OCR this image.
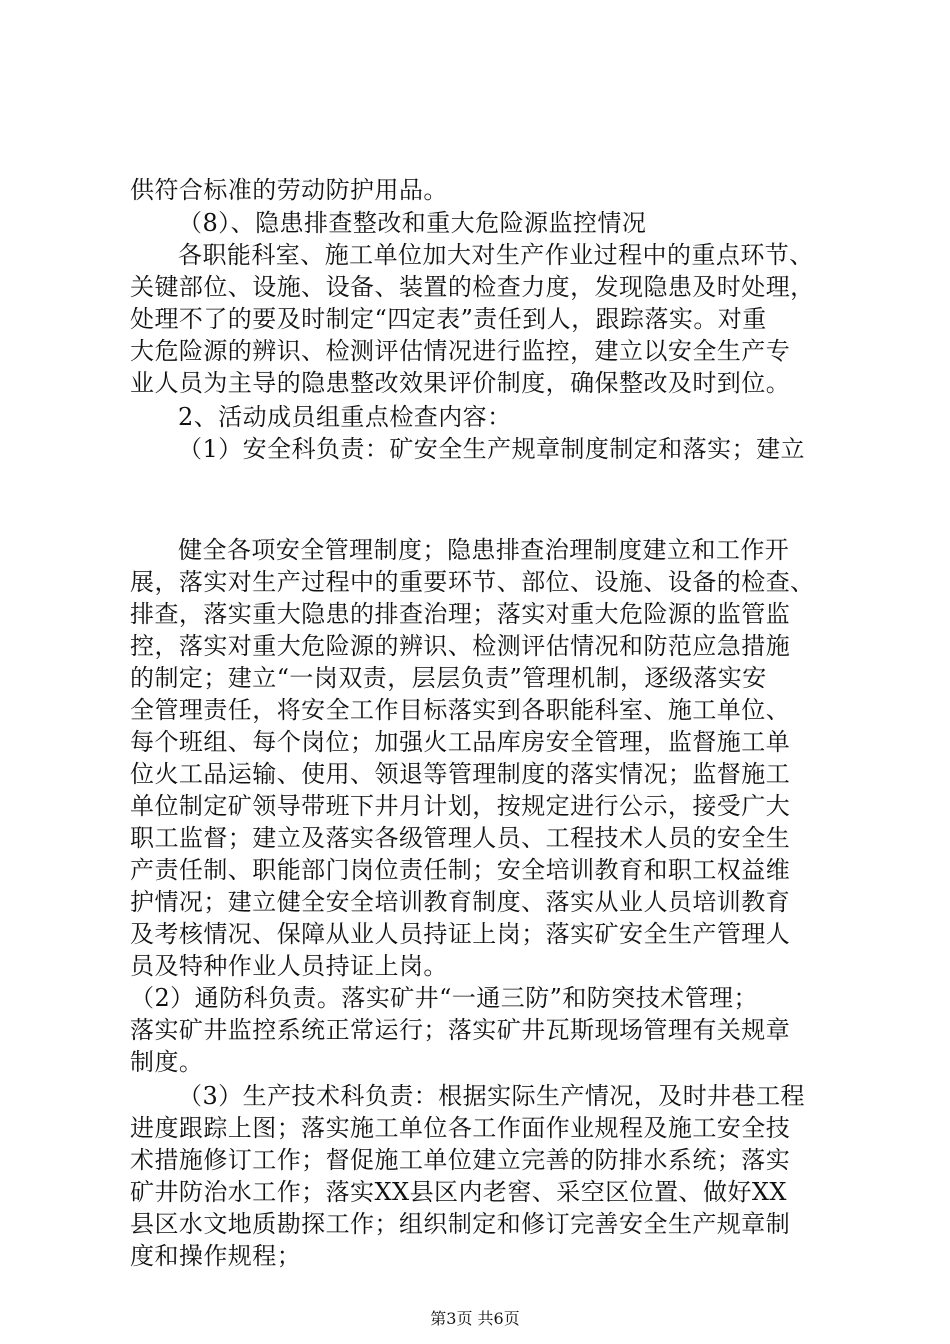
供符合标准的劳动防护用品。
（8）、隐患排查整改和重大危险源监控情况
各职能科室、施工单位加大对生产作业过程中的重点环节、
关键部位、设施、设备、装置的检查力度，发现隐患及时处理，
处理不了的要及时制定“四定表”责任到人，跟踪落实。对重
大危险源的辨识、检测评估情况进行监控，建立以安全生产专
业人员为主导的隐患整改效果评价制度，确保整改及时到位。
2、活动成员组重点检查内容：
（1）安全科负责：矿安全生产规章制度制定和落实；建立
健全各项安全管理制度；隐患排查治理制度建立和工作开
展，落实对生产过程中的重要环节、部位、设施、设备的检查、
排查，落实重大隐患的排查治理；落实对重大危险源的监管监
控，落实对重大危险源的辨识、检测评估情况和防范应急措施
的制定；建立“一岗双责，层层负责”管理机制，逐级落实安
全管理责任，将安全工作目标落实到各职能科室、施工单位、
每个班组、每个岗位；加强火工品库房安全管理，监督施工单
位火工品运输、使用、领退等管理制度的落实情况；监督施工
单位制定矿领导带班下井月计划，按规定进行公示，接受广大
职工监督；建立及落实各级管理人员、工程技术人员的安全生
产责任制、职能部门岗位责任制；安全培训教育和职工权益维
护情况；建立健全安全培训教育制度、落实从业人员培训教育
及考核情况、保障从业人员持证上岗；落实矿安全生产管理人
员及特种作业人员持证上岗。
（2）通防科负责。落实矿井“一通三防”和防突技术管理；
落实矿井监控系统正常运行；落实矿井瓦斯现场管理有关规章
制度。
（3）生产技术科负责：根据实际生产情况，及时井巷工程
进度跟踪上图；落实施工单位各工作面作业规程及施工安全技
术措施修订工作；督促施工单位建立完善的防排水系统；落实
矿井防治水工作；落实XX县区内老窖、采空区位置、做好XX
县区水文地质勘探工作；组织制定和修订完善安全生产规章制
度和操作规程；
第3页 共6页
